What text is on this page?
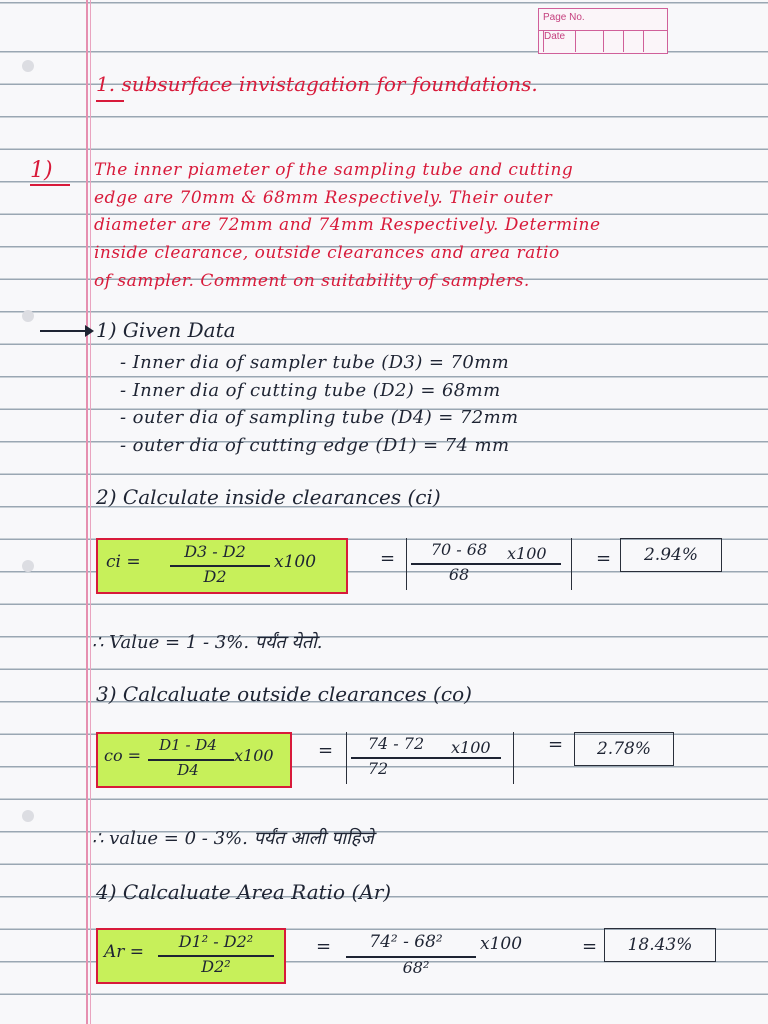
Page No.
Date
1. subsurface invistagation for foundations.
1) The inner piameter of the sampling tube and cutting
edge are 70mm & 68mm Respectively. Their outer
diameter are 72mm and 74mm Respectively. Determine
inside clearance, outside clearances and area ratio
of sampler. Comment on suitability of samplers.
1) Given Data
- Inner dia of sampler tube (D3) = 70mm
- Inner dia of cutting tube (D2) = 68mm
- outer dia of sampling tube (D4) = 72mm
- outer dia of cutting edge (D1) = 74 mm
2) Calculate inside clearances (ci)
ci =
D3 - D2
D2
x100	=	70 - 68
68
x100	=	2.94%
∴ Value = 1 - 3%. पर्यंत येतो.
3) Calcaluate outside clearances (co)
co =
D1 - D4
D4
x100 =	74 - 72
72
x100	=	2.78%
∴ value = 0 - 3%. पर्यंत आली पाहिजे
4) Calcaluate Area Ratio (Ar)
Ar =
D1² - D2²
D2²
=	74² - 68²
68²
x100	=	18.43%
